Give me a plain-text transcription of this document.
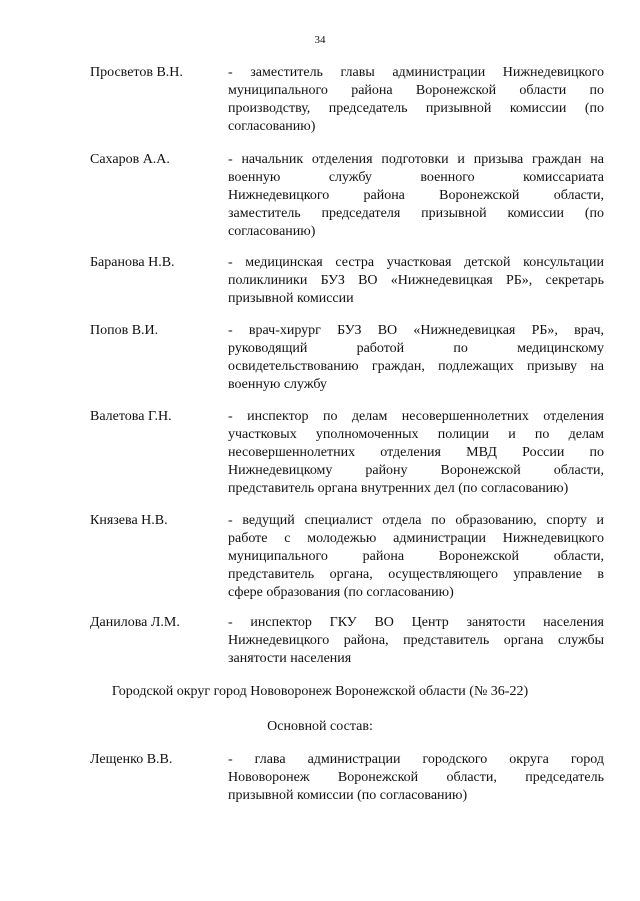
34
Просветов В.Н.	- заместитель главы администрации Нижнедевицкого
муниципального района Воронежской области по
производству, председатель призывной комиссии (по
согласованию)
Сахаров А.А.	- начальник отделения подготовки и призыва граждан на
военную службу военного комиссариата
Нижнедевицкого района Воронежской области,
заместитель председателя призывной комиссии (по
согласованию)
Баранова Н.В.	- медицинская сестра участковая детской консультации
поликлиники БУЗ ВО «Нижнедевицкая РБ», секретарь
призывной комиссии
Попов В.И.	- врач-хирург БУЗ ВО «Нижнедевицкая РБ», врач,
руководящий работой по медицинскому
освидетельствованию граждан, подлежащих призыву на
военную службу
Валетова Г.Н.	- инспектор по делам несовершеннолетних отделения
участковых уполномоченных полиции и по делам
несовершеннолетних отделения МВД России по
Нижнедевицкому району Воронежской области,
представитель органа внутренних дел (по согласованию)
Князева Н.В.	- ведущий специалист отдела по образованию, спорту и
работе с молодежью администрации Нижнедевицкого
муниципального района Воронежской области,
представитель органа, осуществляющего управление в
сфере образования (по согласованию)
Данилова Л.М.	- инспектор ГКУ ВО Центр занятости населения
Нижнедевицкого района, представитель органа службы
занятости населения
Городской округ город Нововоронеж Воронежской области (№ 36-22)
Основной состав:
Лещенко В.В.	- глава администрации городского округа город
Нововоронеж Воронежской области, председатель
призывной комиссии (по согласованию)
